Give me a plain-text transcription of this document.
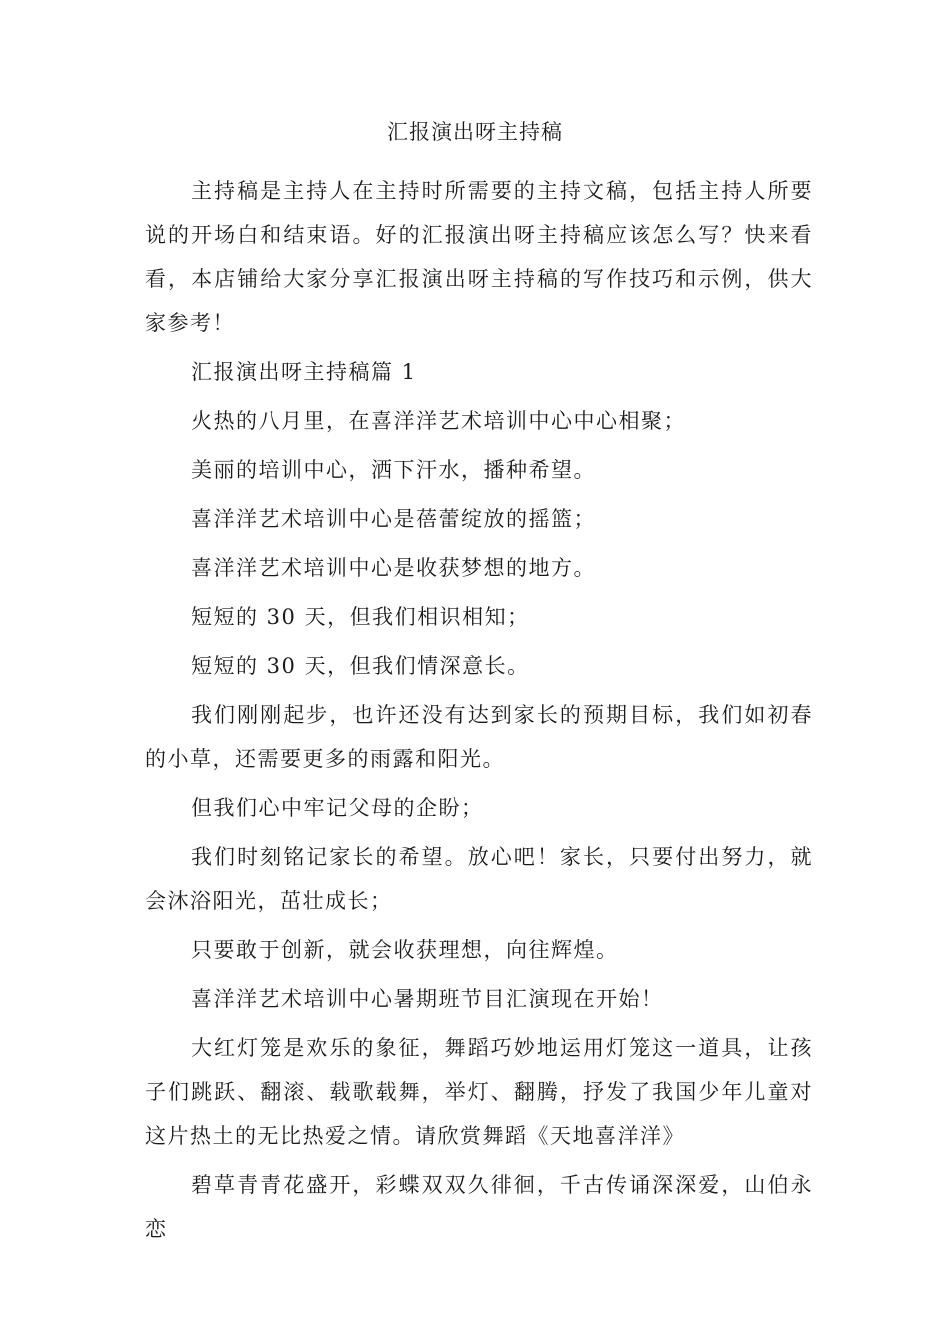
汇报演出呀主持稿

主持稿是主持人在主持时所需要的主持文稿，包括主持人所要说的开场白和结束语。好的汇报演出呀主持稿应该怎么写？快来看看，本店铺给大家分享汇报演出呀主持稿的写作技巧和示例，供大家参考！

汇报演出呀主持稿篇 1

火热的八月里，在喜洋洋艺术培训中心中心相聚；

美丽的培训中心，洒下汗水，播种希望。

喜洋洋艺术培训中心是蓓蕾绽放的摇篮；

喜洋洋艺术培训中心是收获梦想的地方。

短短的 30 天，但我们相识相知；

短短的 30 天，但我们情深意长。

我们刚刚起步，也许还没有达到家长的预期目标，我们如初春的小草，还需要更多的雨露和阳光。

但我们心中牢记父母的企盼；

我们时刻铭记家长的希望。放心吧！家长，只要付出努力，就会沐浴阳光，茁壮成长；

只要敢于创新，就会收获理想，向往辉煌。

喜洋洋艺术培训中心暑期班节目汇演现在开始！

大红灯笼是欢乐的象征，舞蹈巧妙地运用灯笼这一道具，让孩子们跳跃、翻滚、载歌载舞，举灯、翻腾，抒发了我国少年儿童对这片热土的无比热爱之情。请欣赏舞蹈《天地喜洋洋》

碧草青青花盛开，彩蝶双双久徘徊，千古传诵深深爱，山伯永恋
